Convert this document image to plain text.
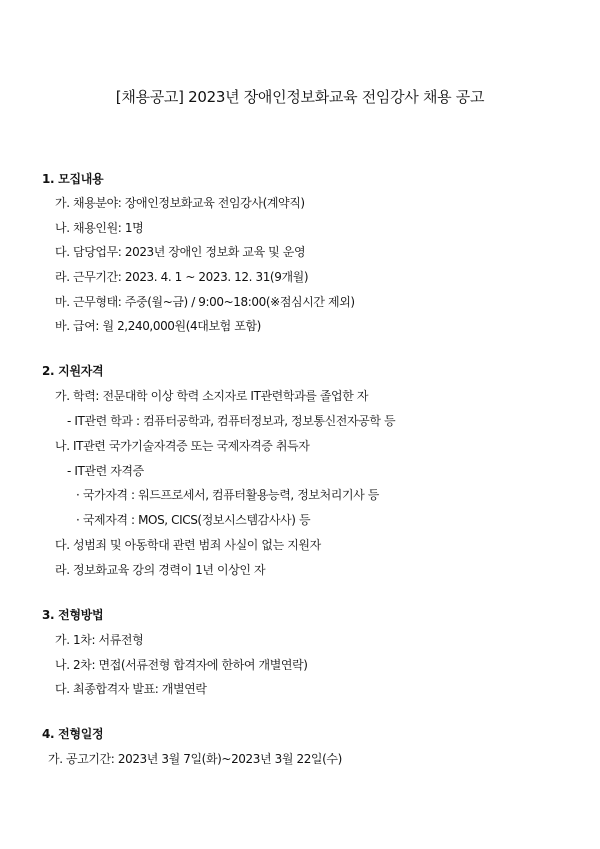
[채용공고] 2023년 장애인정보화교육 전임강사 채용 공고
1. 모집내용
가. 채용분야: 장애인정보화교육 전임강사(계약직)
나. 채용인원: 1명
다. 담당업무: 2023년 장애인 정보화 교육 및 운영
라. 근무기간: 2023. 4. 1 ~ 2023. 12. 31(9개월)
마. 근무형태: 주중(월~금) / 9:00~18:00(※점심시간 제외)
바. 급여: 월 2,240,000원(4대보험 포함)
2. 지원자격
가. 학력: 전문대학 이상 학력 소지자로 IT관련학과를 졸업한 자
- IT관련 학과 : 컴퓨터공학과, 컴퓨터정보과, 정보통신전자공학 등
나. IT관련 국가기술자격증 또는 국제자격증 취득자
- IT관련 자격증
· 국가자격 : 워드프로세서, 컴퓨터활용능력, 정보처리기사 등
· 국제자격 : MOS, CICS(정보시스템감사사) 등
다. 성범죄 및 아동학대 관련 범죄 사실이 없는 지원자
라. 정보화교육 강의 경력이 1년 이상인 자
3. 전형방법
가. 1차: 서류전형
나. 2차: 면접(서류전형 합격자에 한하여 개별연락)
다. 최종합격자 발표: 개별연락
4. 전형일정
가. 공고기간: 2023년 3월 7일(화)~2023년 3월 22일(수)
